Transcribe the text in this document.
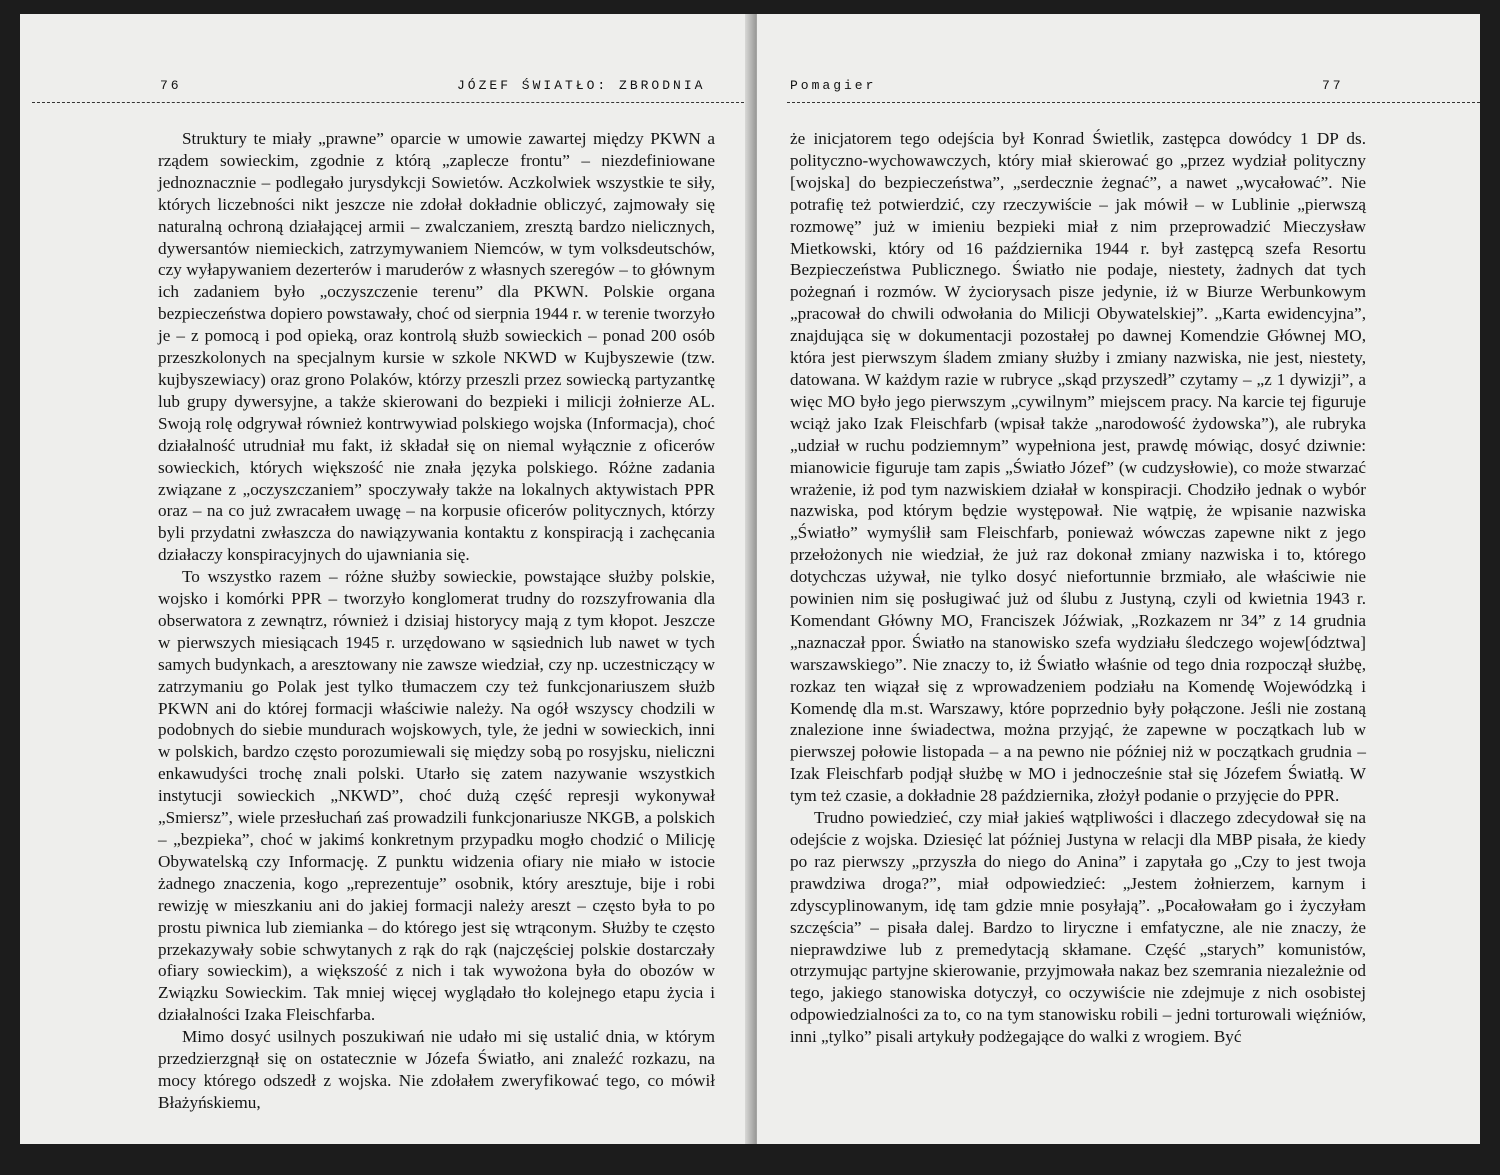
76	JÓZEF ŚWIATŁO: ZBRODNIA

Struktury te miały „prawne” oparcie w umowie zawartej między PKWN a rządem sowieckim, zgodnie z którą „zaplecze frontu” – niezdefiniowane jednoznacznie – podlegało jurysdykcji Sowietów. Aczkolwiek wszystkie te siły, których liczebności nikt jeszcze nie zdołał dokładnie obliczyć, zajmowały się naturalną ochroną działającej armii – zwalczaniem, zresztą bardzo nielicznych, dywersantów niemieckich, zatrzymywaniem Niemców, w tym volksdeutschów, czy wyłapywaniem dezerterów i maruderów z własnych szeregów – to głównym ich zadaniem było „oczyszczenie terenu” dla PKWN. Polskie organa bezpieczeństwa dopiero powstawały, choć od sierpnia 1944 r. w terenie tworzyło je – z pomocą i pod opieką, oraz kontrolą służb sowieckich – ponad 200 osób przeszkolonych na specjalnym kursie w szkole NKWD w Kujbyszewie (tzw. kujbyszewiacy) oraz grono Polaków, którzy przeszli przez sowiecką partyzantkę lub grupy dywersyjne, a także skierowani do bezpieki i milicji żołnierze AL. Swoją rolę odgrywał również kontrwywiad polskiego wojska (Informacja), choć działalność utrudniał mu fakt, iż składał się on niemal wyłącznie z oficerów sowieckich, których większość nie znała języka polskiego. Różne zadania związane z „oczyszczaniem” spoczywały także na lokalnych aktywistach PPR oraz – na co już zwracałem uwagę – na korpusie oficerów politycznych, którzy byli przydatni zwłaszcza do nawiązywania kontaktu z konspiracją i zachęcania działaczy konspiracyjnych do ujawniania się.

To wszystko razem – różne służby sowieckie, powstające służby polskie, wojsko i komórki PPR – tworzyło konglomerat trudny do rozszyfrowania dla obserwatora z zewnątrz, również i dzisiaj historycy mają z tym kłopot. Jeszcze w pierwszych miesiącach 1945 r. urzędowano w sąsiednich lub nawet w tych samych budynkach, a aresztowany nie zawsze wiedział, czy np. uczestniczący w zatrzymaniu go Polak jest tylko tłumaczem czy też funkcjonariuszem służb PKWN ani do której formacji właściwie należy. Na ogół wszyscy chodzili w podobnych do siebie mundurach wojskowych, tyle, że jedni w sowieckich, inni w polskich, bardzo często porozumiewali się między sobą po rosyjsku, nieliczni enkawudyści trochę znali polski. Utarło się zatem nazywanie wszystkich instytucji sowieckich „NKWD”, choć dużą część represji wykonywał „Smiersz”, wiele przesłuchań zaś prowadzili funkcjonariusze NKGB, a polskich – „bezpieka”, choć w jakimś konkretnym przypadku mogło chodzić o Milicję Obywatelską czy Informację. Z punktu widzenia ofiary nie miało w istocie żadnego znaczenia, kogo „reprezentuje” osobnik, który aresztuje, bije i robi rewizję w mieszkaniu ani do jakiej formacji należy areszt – często była to po prostu piwnica lub ziemianka – do którego jest się wtrąconym. Służby te często przekazywały sobie schwytanych z rąk do rąk (najczęściej polskie dostarczały ofiary sowieckim), a większość z nich i tak wywożona była do obozów w Związku Sowieckim. Tak mniej więcej wyglądało tło kolejnego etapu życia i działalności Izaka Fleischfarba.

Mimo dosyć usilnych poszukiwań nie udało mi się ustalić dnia, w którym przedzierzgnął się on ostatecznie w Józefa Światło, ani znaleźć rozkazu, na mocy którego odszedł z wojska. Nie zdołałem zweryfikować tego, co mówił Błażyńskiemu,

Pomagier	77

że inicjatorem tego odejścia był Konrad Świetlik, zastępca dowódcy 1 DP ds. polityczno-wychowawczych, który miał skierować go „przez wydział polityczny [wojska] do bezpieczeństwa”, „serdecznie żegnać”, a nawet „wycałować”. Nie potrafię też potwierdzić, czy rzeczywiście – jak mówił – w Lublinie „pierwszą rozmowę” już w imieniu bezpieki miał z nim przeprowadzić Mieczysław Mietkowski, który od 16 października 1944 r. był zastępcą szefa Resortu Bezpieczeństwa Publicznego. Światło nie podaje, niestety, żadnych dat tych pożegnań i rozmów. W życiorysach pisze jedynie, iż w Biurze Werbunkowym „pracował do chwili odwołania do Milicji Obywatelskiej”. „Karta ewidencyjna”, znajdująca się w dokumentacji pozostałej po dawnej Komendzie Głównej MO, która jest pierwszym śladem zmiany służby i zmiany nazwiska, nie jest, niestety, datowana. W każdym razie w rubryce „skąd przyszedł” czytamy – „z 1 dywizji”, a więc MO było jego pierwszym „cywilnym” miejscem pracy. Na karcie tej figuruje wciąż jako Izak Fleischfarb (wpisał także „narodowość żydowska”), ale rubryka „udział w ruchu podziemnym” wypełniona jest, prawdę mówiąc, dosyć dziwnie: mianowicie figuruje tam zapis „Światło Józef” (w cudzysłowie), co może stwarzać wrażenie, iż pod tym nazwiskiem działał w konspiracji. Chodziło jednak o wybór nazwiska, pod którym będzie występował. Nie wątpię, że wpisanie nazwiska „Światło” wymyślił sam Fleischfarb, ponieważ wówczas zapewne nikt z jego przełożonych nie wiedział, że już raz dokonał zmiany nazwiska i to, którego dotychczas używał, nie tylko dosyć niefortunnie brzmiało, ale właściwie nie powinien nim się posługiwać już od ślubu z Justyną, czyli od kwietnia 1943 r. Komendant Główny MO, Franciszek Jóźwiak, „Rozkazem nr 34” z 14 grudnia „naznaczał ppor. Światło na stanowisko szefa wydziału śledczego wojew[ództwa] warszawskiego”. Nie znaczy to, iż Światło właśnie od tego dnia rozpoczął służbę, rozkaz ten wiązał się z wprowadzeniem podziału na Komendę Wojewódzką i Komendę dla m.st. Warszawy, które poprzednio były połączone. Jeśli nie zostaną znalezione inne świadectwa, można przyjąć, że zapewne w początkach lub w pierwszej połowie listopada – a na pewno nie później niż w początkach grudnia – Izak Fleischfarb podjął służbę w MO i jednocześnie stał się Józefem Światłą. W tym też czasie, a dokładnie 28 października, złożył podanie o przyjęcie do PPR.

Trudno powiedzieć, czy miał jakieś wątpliwości i dlaczego zdecydował się na odejście z wojska. Dziesięć lat później Justyna w relacji dla MBP pisała, że kiedy po raz pierwszy „przyszła do niego do Anina” i zapytała go „Czy to jest twoja prawdziwa droga?”, miał odpowiedzieć: „Jestem żołnierzem, karnym i zdyscyplinowanym, idę tam gdzie mnie posyłają”. „Pocałowałam go i życzyłam szczęścia” – pisała dalej. Bardzo to liryczne i emfatyczne, ale nie znaczy, że nieprawdziwe lub z premedytacją skłamane. Część „starych” komunistów, otrzymując partyjne skierowanie, przyjmowała nakaz bez szemrania niezależnie od tego, jakiego stanowiska dotyczył, co oczywiście nie zdejmuje z nich osobistej odpowiedzialności za to, co na tym stanowisku robili – jedni torturowali więźniów, inni „tylko” pisali artykuły podżegające do walki z wrogiem. Być
